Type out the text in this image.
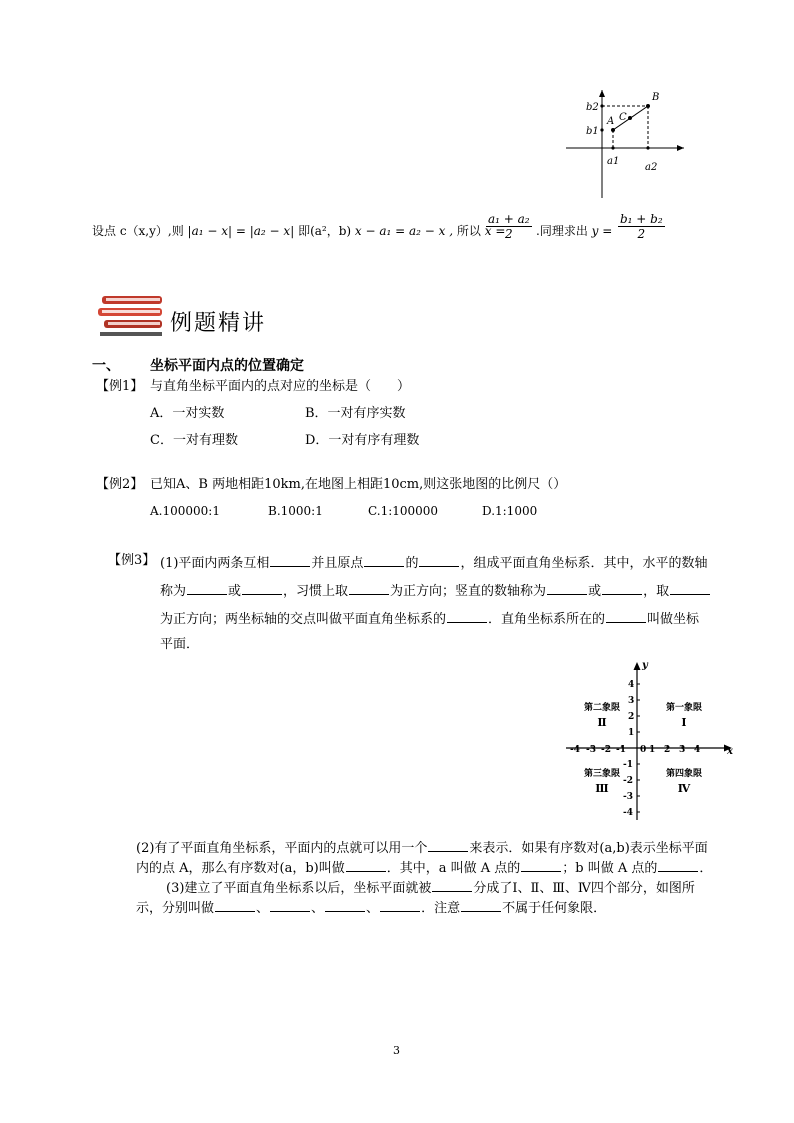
b2
b1
a1
a2
A
B
C
设点 c（x,y）,则 |a₁ − x| = |a₂ − x| 即(a²，b) x − a₁ = a₂ − x , 所以 x =
$\frac{\text{a₁ + a₂}}{2}$ .同理求出 $y = \frac{\text{b₁ + b₂}}{2}$
例题精讲
一、 坐标平面内点的位置确定
【例1】 与直角坐标平面内的点对应的坐标是（　　）
A．一对实数	B．一对有序实数
C．一对有理数	D．一对有序有理数
【例2】 已知A、B 两地相距10km,在地图上相距10cm,则这张地图的比例尺（）
A.100000:1	B.1000:1	C.1:100000	D.1:1000
【例3】 (1)平面内两条互相	并且原点	的	，组成平面直角坐标系．其中，水平的数轴
称为	或	，习惯上取	为正方向；竖直的数轴称为	或	，取
为正方向；两坐标轴的交点叫做平面直角坐标系的	．直角坐标系所在的	叫做坐标
平面．
-4 -3 -2 -1 0 1 2 3 4
4
3
2
1
-1
-2
-3
-4
x
y
第二象限
Ⅱ
第一象限
Ⅰ
第三象限
Ⅲ
第四象限
Ⅳ
(2)有了平面直角坐标系，平面内的点就可以用一个	来表示．如果有序数对(a,b)表示坐标平面
内的点 A，那么有序数对(a，b)叫做	．其中，a 叫做 A 点的	；b 叫做 A 点的	．
(3)建立了平面直角坐标系以后，坐标平面就被	分成了Ⅰ、Ⅱ、Ⅲ、Ⅳ四个部分，如图所
示，分别叫做	、	、	、	．注意	不属于任何象限．
3
